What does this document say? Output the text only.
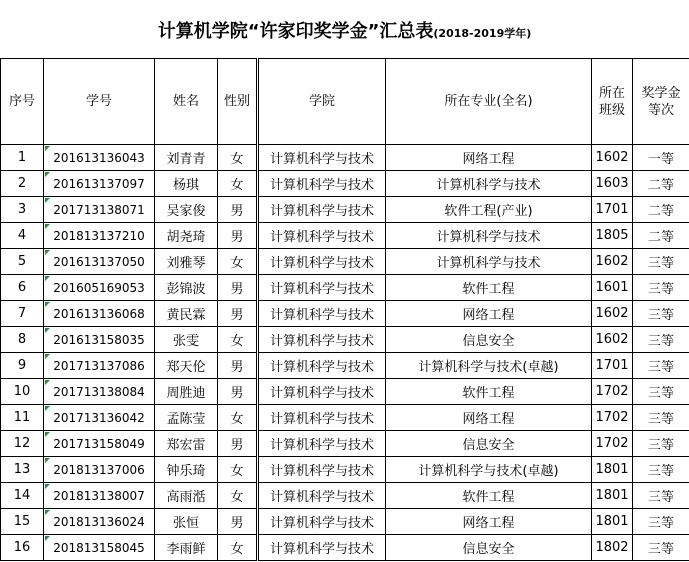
计算机学院“许家印奖学金”汇总表(2018-2019学年)
序号	学号	姓名	性别	学院	所在专业(全名)	所在班级	奖学金等次
1	201613136043	刘青青	女	计算机科学与技术	网络工程	1602	一等
2	201613137097	杨琪	女	计算机科学与技术	计算机科学与技术	1603	二等
3	201713138071	吴家俊	男	计算机科学与技术	软件工程(产业)	1701	二等
4	201813137210	胡尧琦	男	计算机科学与技术	计算机科学与技术	1805	二等
5	201613137050	刘雅琴	女	计算机科学与技术	计算机科学与技术	1602	三等
6	201605169053	彭锦波	男	计算机科学与技术	软件工程	1601	三等
7	201613136068	黄民霖	男	计算机科学与技术	网络工程	1602	三等
8	201613158035	张雯	女	计算机科学与技术	信息安全	1602	三等
9	201713137086	郑天伦	男	计算机科学与技术	计算机科学与技术(卓越)	1701	三等
10	201713138084	周胜迪	男	计算机科学与技术	软件工程	1702	三等
11	201713136042	孟陈莹	女	计算机科学与技术	网络工程	1702	三等
12	201713158049	郑宏雷	男	计算机科学与技术	信息安全	1702	三等
13	201813137006	钟乐琦	女	计算机科学与技术	计算机科学与技术(卓越)	1801	三等
14	201813138007	高雨湉	女	计算机科学与技术	软件工程	1801	三等
15	201813136024	张恒	男	计算机科学与技术	网络工程	1801	三等
16	201813158045	李雨鲜	女	计算机科学与技术	信息安全	1802	三等
